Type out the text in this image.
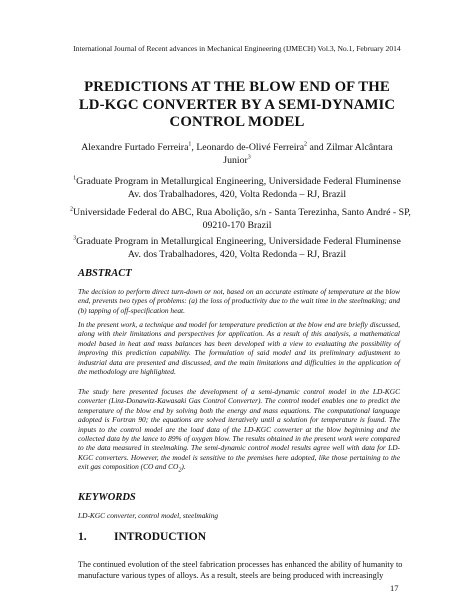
International Journal of Recent advances in Mechanical Engineering (IJMECH) Vol.3, No.1, February 2014
PREDICTIONS AT THE BLOW END OF THE
LD-KGC CONVERTER BY A SEMI-DYNAMIC
CONTROL MODEL
Alexandre Furtado Ferreira$^1$, Leonardo de-Olivé Ferreira$^2$ and Zilmar Alcântara
Junior$^3$
$^1$Graduate Program in Metallurgical Engineering, Universidade Federal Fluminense
Av. dos Trabalhadores, 420, Volta Redonda – RJ, Brazil
$^2$Universidade Federal do ABC, Rua Abolição, s/n - Santa Terezinha, Santo André - SP,
09210-170 Brazil
$^3$Graduate Program in Metallurgical Engineering, Universidade Federal Fluminense
Av. dos Trabalhadores, 420, Volta Redonda – RJ, Brazil
ABSTRACT
The decision to perform direct turn-down or not, based on an accurate estimate of temperature at the blow end, prevents two types of problems: (a) the loss of productivity due to the wait time in the steelmaking; and (b) tapping of off-specification heat.
In the present work, a technique and model for temperature prediction at the blow end are briefly discussed, along with their limitations and perspectives for application. As a result of this analysis, a mathematical model based in heat and mass balances has been developed with a view to evaluating the possibility of improving this prediction capability. The formulation of said model and its preliminary adjustment to industrial data are presented and discussed, and the main limitations and difficulties in the application of the methodology are highlighted.
The study here presented focuses the development of a semi-dynamic control model in the LD-KGC converter (Linz-Donawitz-Kawasaki Gas Control Converter). The control model enables one to predict the temperature of the blow end by solving both the energy and mass equations. The computational language adopted is Fortran 90; the equations are solved iteratively until a solution for temperature is found. The inputs to the control model are the load data of the LD-KGC converter at the blow beginning and the collected data by the lance to 89% of oxygen blow. The results obtained in the present work were compared to the data measured in steelmaking. The semi-dynamic control model results agree well with data for LD-KGC converters. However, the model is sensitive to the premises here adopted, like those pertaining to the exit gas composition (CO and $CO_2$).
KEYWORDS
LD-KGC converter, control model, steelmaking
1. INTRODUCTION
The continued evolution of the steel fabrication processes has enhanced the ability of humanity to
manufacture various types of alloys. As a result, steels are being produced with increasingly
17
